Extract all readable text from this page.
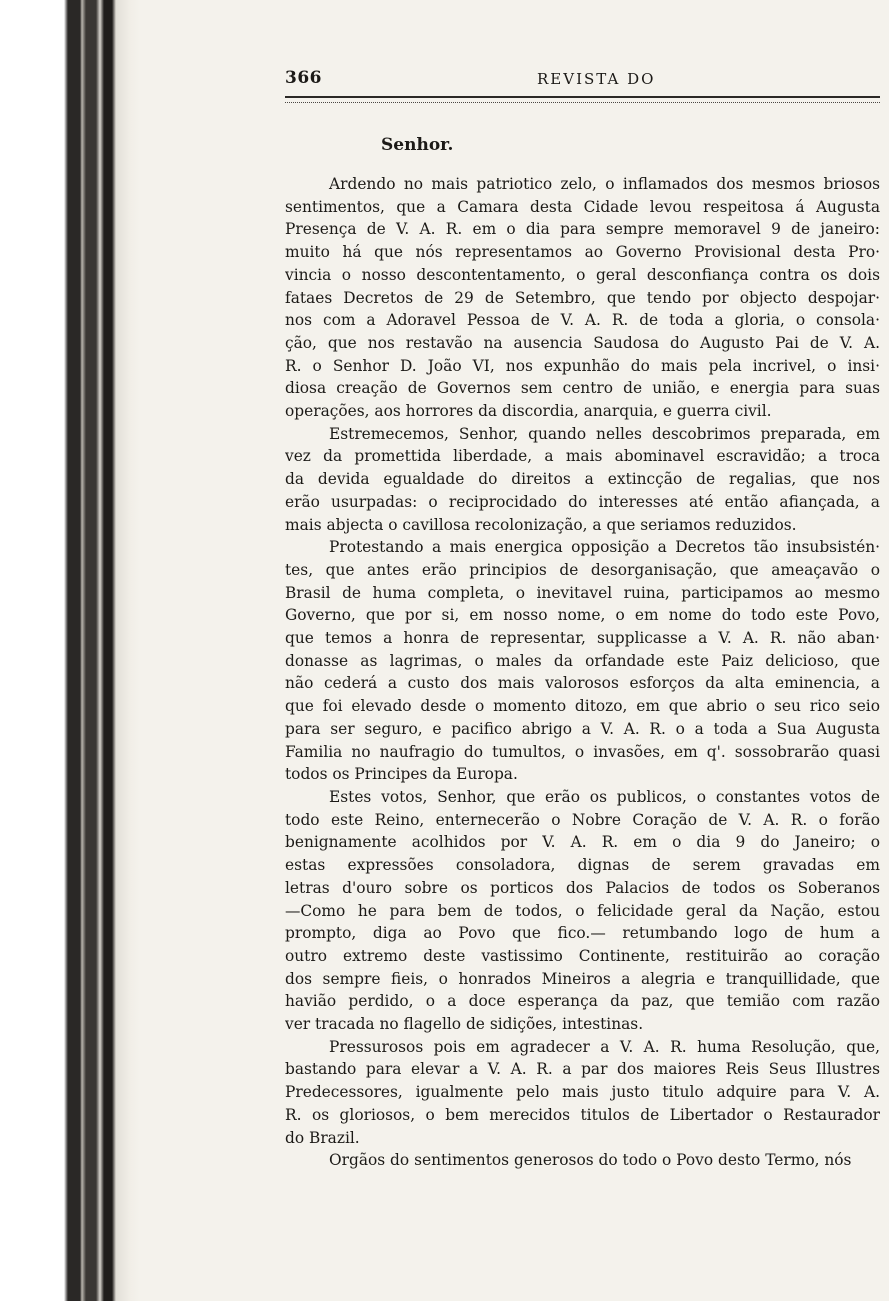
366	REVISTA DO
Senhor.

Ardendo no mais patriotico zelo, o inflamados dos mesmos briosos
sentimentos, que a Camara desta Cidade levou respeitosa á Augusta
Presença de V. A. R. em o dia para sempre memoravel 9 de janeiro:
muito há que nós representamos ao Governo Provisional desta Pro·
vincia o nosso descontentamento, o geral desconfiança contra os dois
fataes Decretos de 29 de Setembro, que tendo por objecto despojar·
nos com a Adoravel Pessoa de V. A. R. de toda a gloria, o consola·
ção, que nos restavão na ausencia Saudosa do Augusto Pai de V. A.
R. o Senhor D. João VI, nos expunhão do mais pela incrivel, o insi·
diosa creação de Governos sem centro de união, e energia para suas
operações, aos horrores da discordia, anarquia, e guerra civil.

Estremecemos, Senhor, quando nelles descobrimos preparada, em
vez da promettida liberdade, a mais abominavel escravidão; a troca
da devida egualdade do direitos a extincção de regalias, que nos
erão usurpadas: o reciprocidado do interesses até então afiançada, a
mais abjecta o cavillosa recolonização, a que seriamos reduzidos.

Protestando a mais energica opposição a Decretos tão insubsistén·
tes, que antes erão principios de desorganisação, que ameaçavão o
Brasil de huma completa, o inevitavel ruina, participamos ao mesmo
Governo, que por si, em nosso nome, o em nome do todo este Povo,
que temos a honra de representar, supplicasse a V. A. R. não aban·
donasse as lagrimas, o males da orfandade este Paiz delicioso, que
não cederá a custo dos mais valorosos esforços da alta eminencia, a
que foi elevado desde o momento ditozo, em que abrio o seu rico seio
para ser seguro, e pacifico abrigo a V. A. R. o a toda a Sua Augusta
Familia no naufragio do tumultos, o invasões, em q'. sossobrarão quasi
todos os Principes da Europa.

Estes votos, Senhor, que erão os publicos, o constantes votos de
todo este Reino, enternecerão o Nobre Coração de V. A. R. o forão
benignamente acolhidos por V. A. R. em o dia 9 do Janeiro; o
estas expressões consoladora, dignas de serem gravadas em
letras d'ouro sobre os porticos dos Palacios de todos os Soberanos
—Como he para bem de todos, o felicidade geral da Nação, estou
prompto, diga ao Povo que fico.— retumbando logo de hum a
outro extremo deste vastissimo Continente, restituirão ao coração
dos sempre fieis, o honrados Mineiros a alegria e tranquillidade, que
havião perdido, o a doce esperança da paz, que temião com razão
ver tracada no flagello de sidições, intestinas.

Pressurosos pois em agradecer a V. A. R. huma Resolução, que,
bastando para elevar a V. A. R. a par dos maiores Reis Seus Illustres
Predecessores, igualmente pelo mais justo titulo adquire para V. A.
R. os gloriosos, o bem merecidos titulos de Libertador o Restaurador
do Brazil.

Orgãos do sentimentos generosos do todo o Povo desto Termo, nós
